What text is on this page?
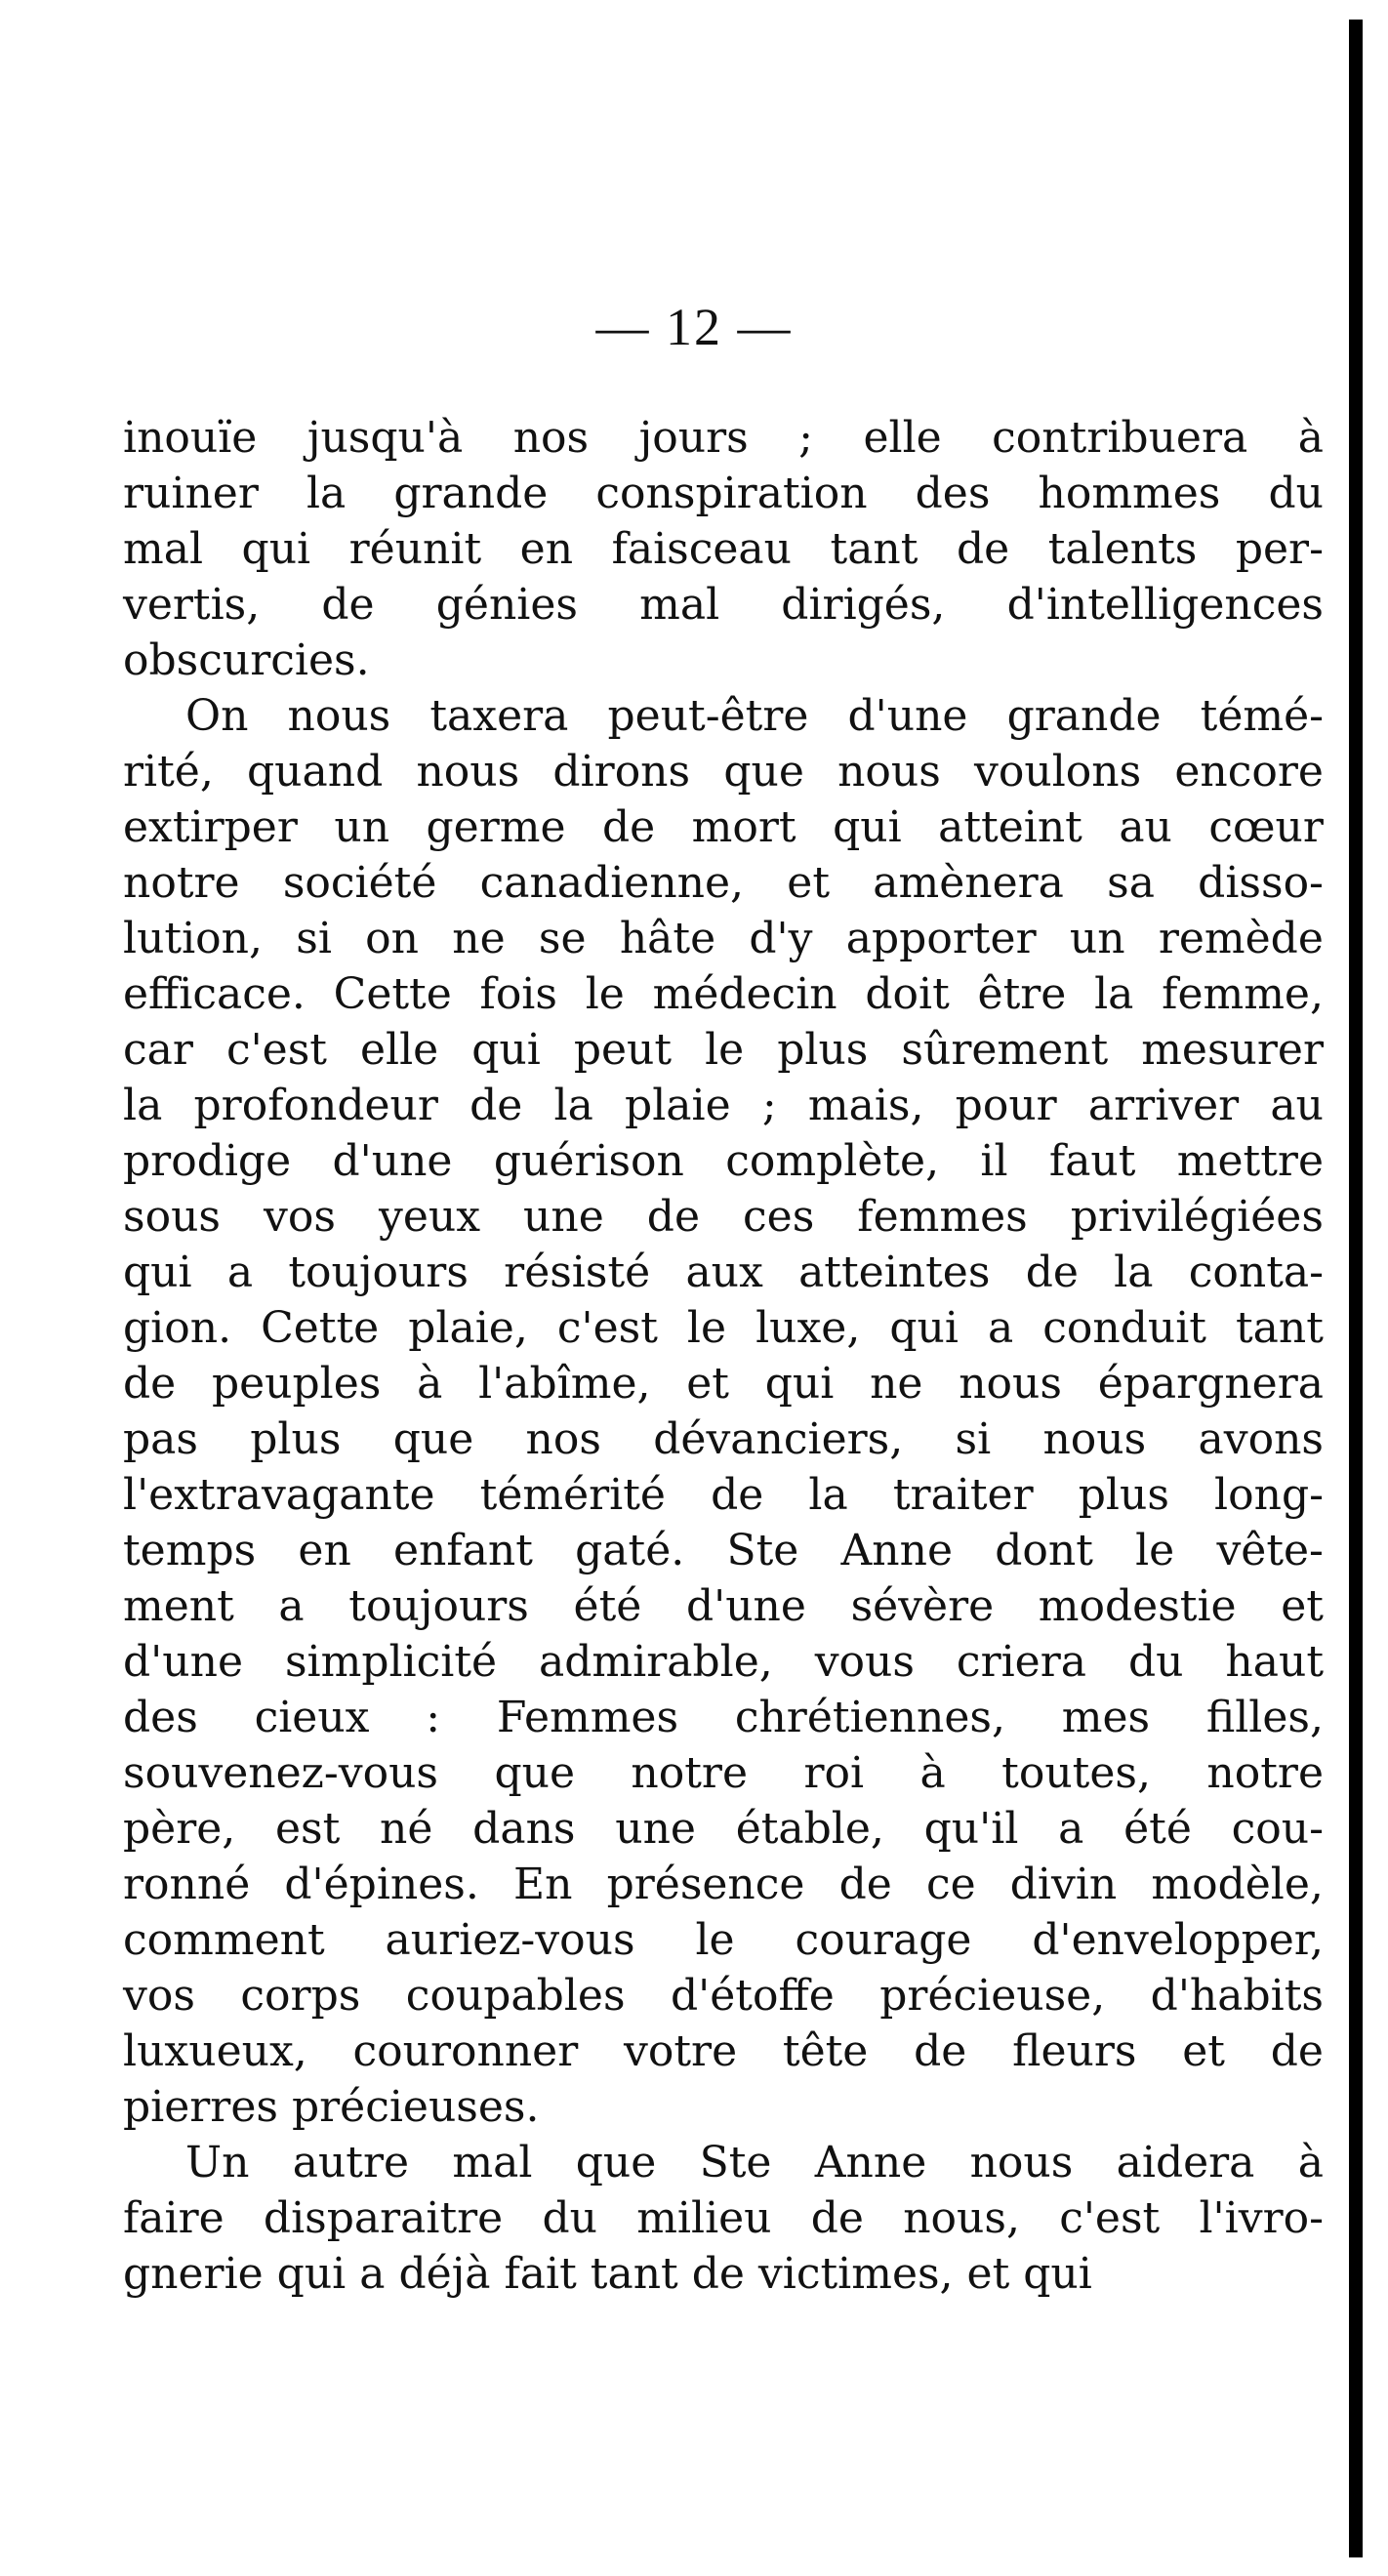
— 12 —
inouïe jusqu'à nos jours ; elle contribuera à
ruiner la grande conspiration des hommes du
mal qui réunit en faisceau tant de talents per-
vertis, de génies mal dirigés, d'intelligences
obscurcies.
On nous taxera peut-être d'une grande témé-
rité, quand nous dirons que nous voulons encore
extirper un germe de mort qui atteint au cœur
notre société canadienne, et amènera sa disso-
lution, si on ne se hâte d'y apporter un remède
efficace. Cette fois le médecin doit être la femme,
car c'est elle qui peut le plus sûrement mesurer
la profondeur de la plaie ; mais, pour arriver au
prodige d'une guérison complète, il faut mettre
sous vos yeux une de ces femmes privilégiées
qui a toujours résisté aux atteintes de la conta-
gion. Cette plaie, c'est le luxe, qui a conduit tant
de peuples à l'abîme, et qui ne nous épargnera
pas plus que nos dévanciers, si nous avons
l'extravagante témérité de la traiter plus long-
temps en enfant gaté. Ste Anne dont le vête-
ment a toujours été d'une sévère modestie et
d'une simplicité admirable, vous criera du haut
des cieux : Femmes chrétiennes, mes filles,
souvenez-vous que notre roi à toutes, notre
père, est né dans une étable, qu'il a été cou-
ronné d'épines. En présence de ce divin modèle,
comment auriez-vous le courage d'envelopper,
vos corps coupables d'étoffe précieuse, d'habits
luxueux, couronner votre tête de fleurs et de
pierres précieuses.
Un autre mal que Ste Anne nous aidera à
faire disparaitre du milieu de nous, c'est l'ivro-
gnerie qui a déjà fait tant de victimes, et qui
